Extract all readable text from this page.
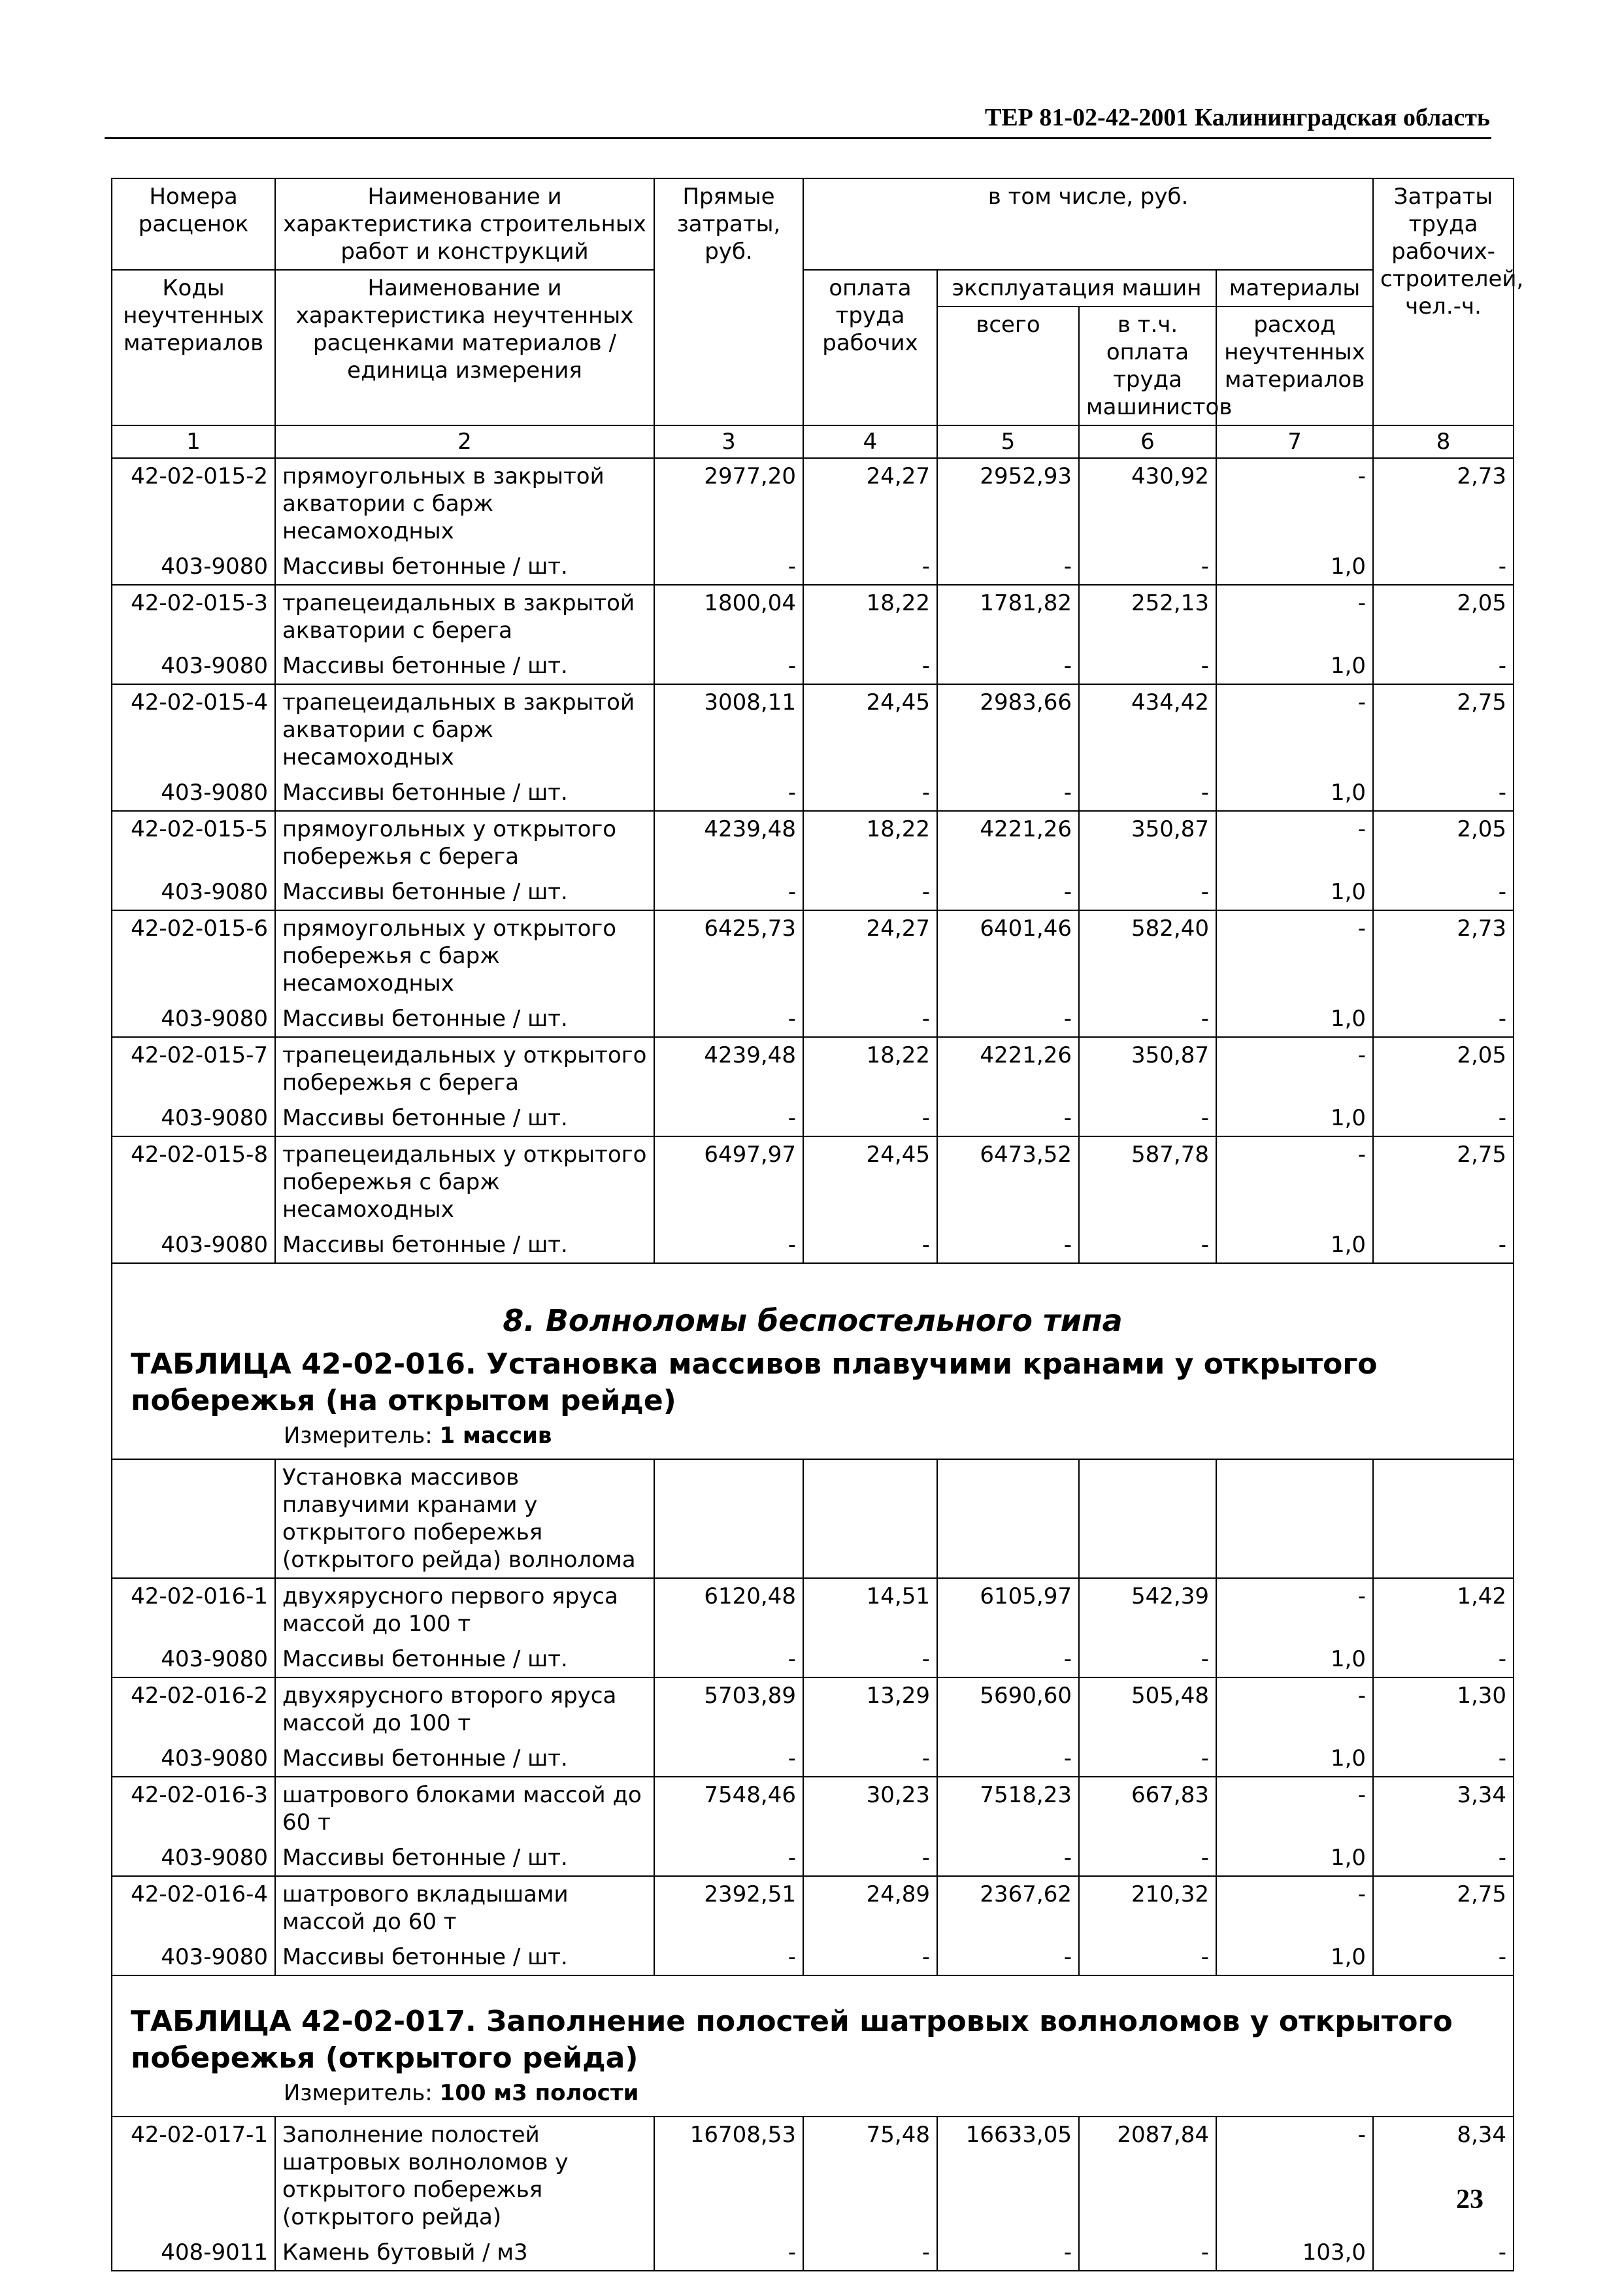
ТЕР 81-02-42-2001 Калининградская область
Номера расценок	Наименование и характеристика строительных работ и конструкций	Прямые затраты, руб.	в том числе, руб.				Затраты труда рабочих-строителей, чел.-ч.
Коды неучтенных материалов	Наименование и характеристика неучтенных расценками материалов / единица измерения		оплата труда рабочих	эксплуатация машин		материалы	
				всего	в т.ч. оплата труда машинистов	расход неучтенных материалов	

1	2	3	4	5	6	7	8
42-02-015-2	прямоугольных в закрытой акватории с барж несамоходных	2977,20	24,27	2952,93	430,92	-	2,73
403-9080	Массивы бетонные / шт.	-	-	-	-	1,0	-
42-02-015-3	трапецеидальных в закрытой акватории с берега	1800,04	18,22	1781,82	252,13	-	2,05
403-9080	Массивы бетонные / шт.	-	-	-	-	1,0	-
42-02-015-4	трапецеидальных в закрытой акватории с барж несамоходных	3008,11	24,45	2983,66	434,42	-	2,75
403-9080	Массивы бетонные / шт.	-	-	-	-	1,0	-
42-02-015-5	прямоугольных у открытого побережья с берега	4239,48	18,22	4221,26	350,87	-	2,05
403-9080	Массивы бетонные / шт.	-	-	-	-	1,0	-
42-02-015-6	прямоугольных у открытого побережья с барж несамоходных	6425,73	24,27	6401,46	582,40	-	2,73
403-9080	Массивы бетонные / шт.	-	-	-	-	1,0	-
42-02-015-7	трапецеидальных у открытого побережья с берега	4239,48	18,22	4221,26	350,87	-	2,05
403-9080	Массивы бетонные / шт.	-	-	-	-	1,0	-
42-02-015-8	трапецеидальных у открытого побережья с барж несамоходных	6497,97	24,45	6473,52	587,78	-	2,75
403-9080	Массивы бетонные / шт.	-	-	-	-	1,0	-

8. Волноломы беспостельного типа
ТАБЛИЦА 42-02-016. Установка массивов плавучими кранами у открытого побережья (на открытом рейде)
Измеритель: 1 массив							

	Установка массивов плавучими кранами у открытого побережья (открытого рейда) волнолома						
42-02-016-1	двухярусного первого яруса массой до 100 т	6120,48	14,51	6105,97	542,39	-	1,42
403-9080	Массивы бетонные / шт.	-	-	-	-	1,0	-
42-02-016-2	двухярусного второго яруса массой до 100 т	5703,89	13,29	5690,60	505,48	-	1,30
403-9080	Массивы бетонные / шт.	-	-	-	-	1,0	-
42-02-016-3	шатрового блоками массой до 60 т	7548,46	30,23	7518,23	667,83	-	3,34
403-9080	Массивы бетонные / шт.	-	-	-	-	1,0	-
42-02-016-4	шатрового вкладышами массой до 60 т	2392,51	24,89	2367,62	210,32	-	2,75
403-9080	Массивы бетонные / шт.	-	-	-	-	1,0	-

ТАБЛИЦА 42-02-017. Заполнение полостей шатровых волноломов у открытого побережья (открытого рейда)
Измеритель: 100 м3 полости							

42-02-017-1	Заполнение полостей шатровых волноломов у открытого побережья (открытого рейда)	16708,53	75,48	16633,05	2087,84	-	8,34
408-9011	Камень бутовый / м3	-	-	-	-	103,0	-
23
